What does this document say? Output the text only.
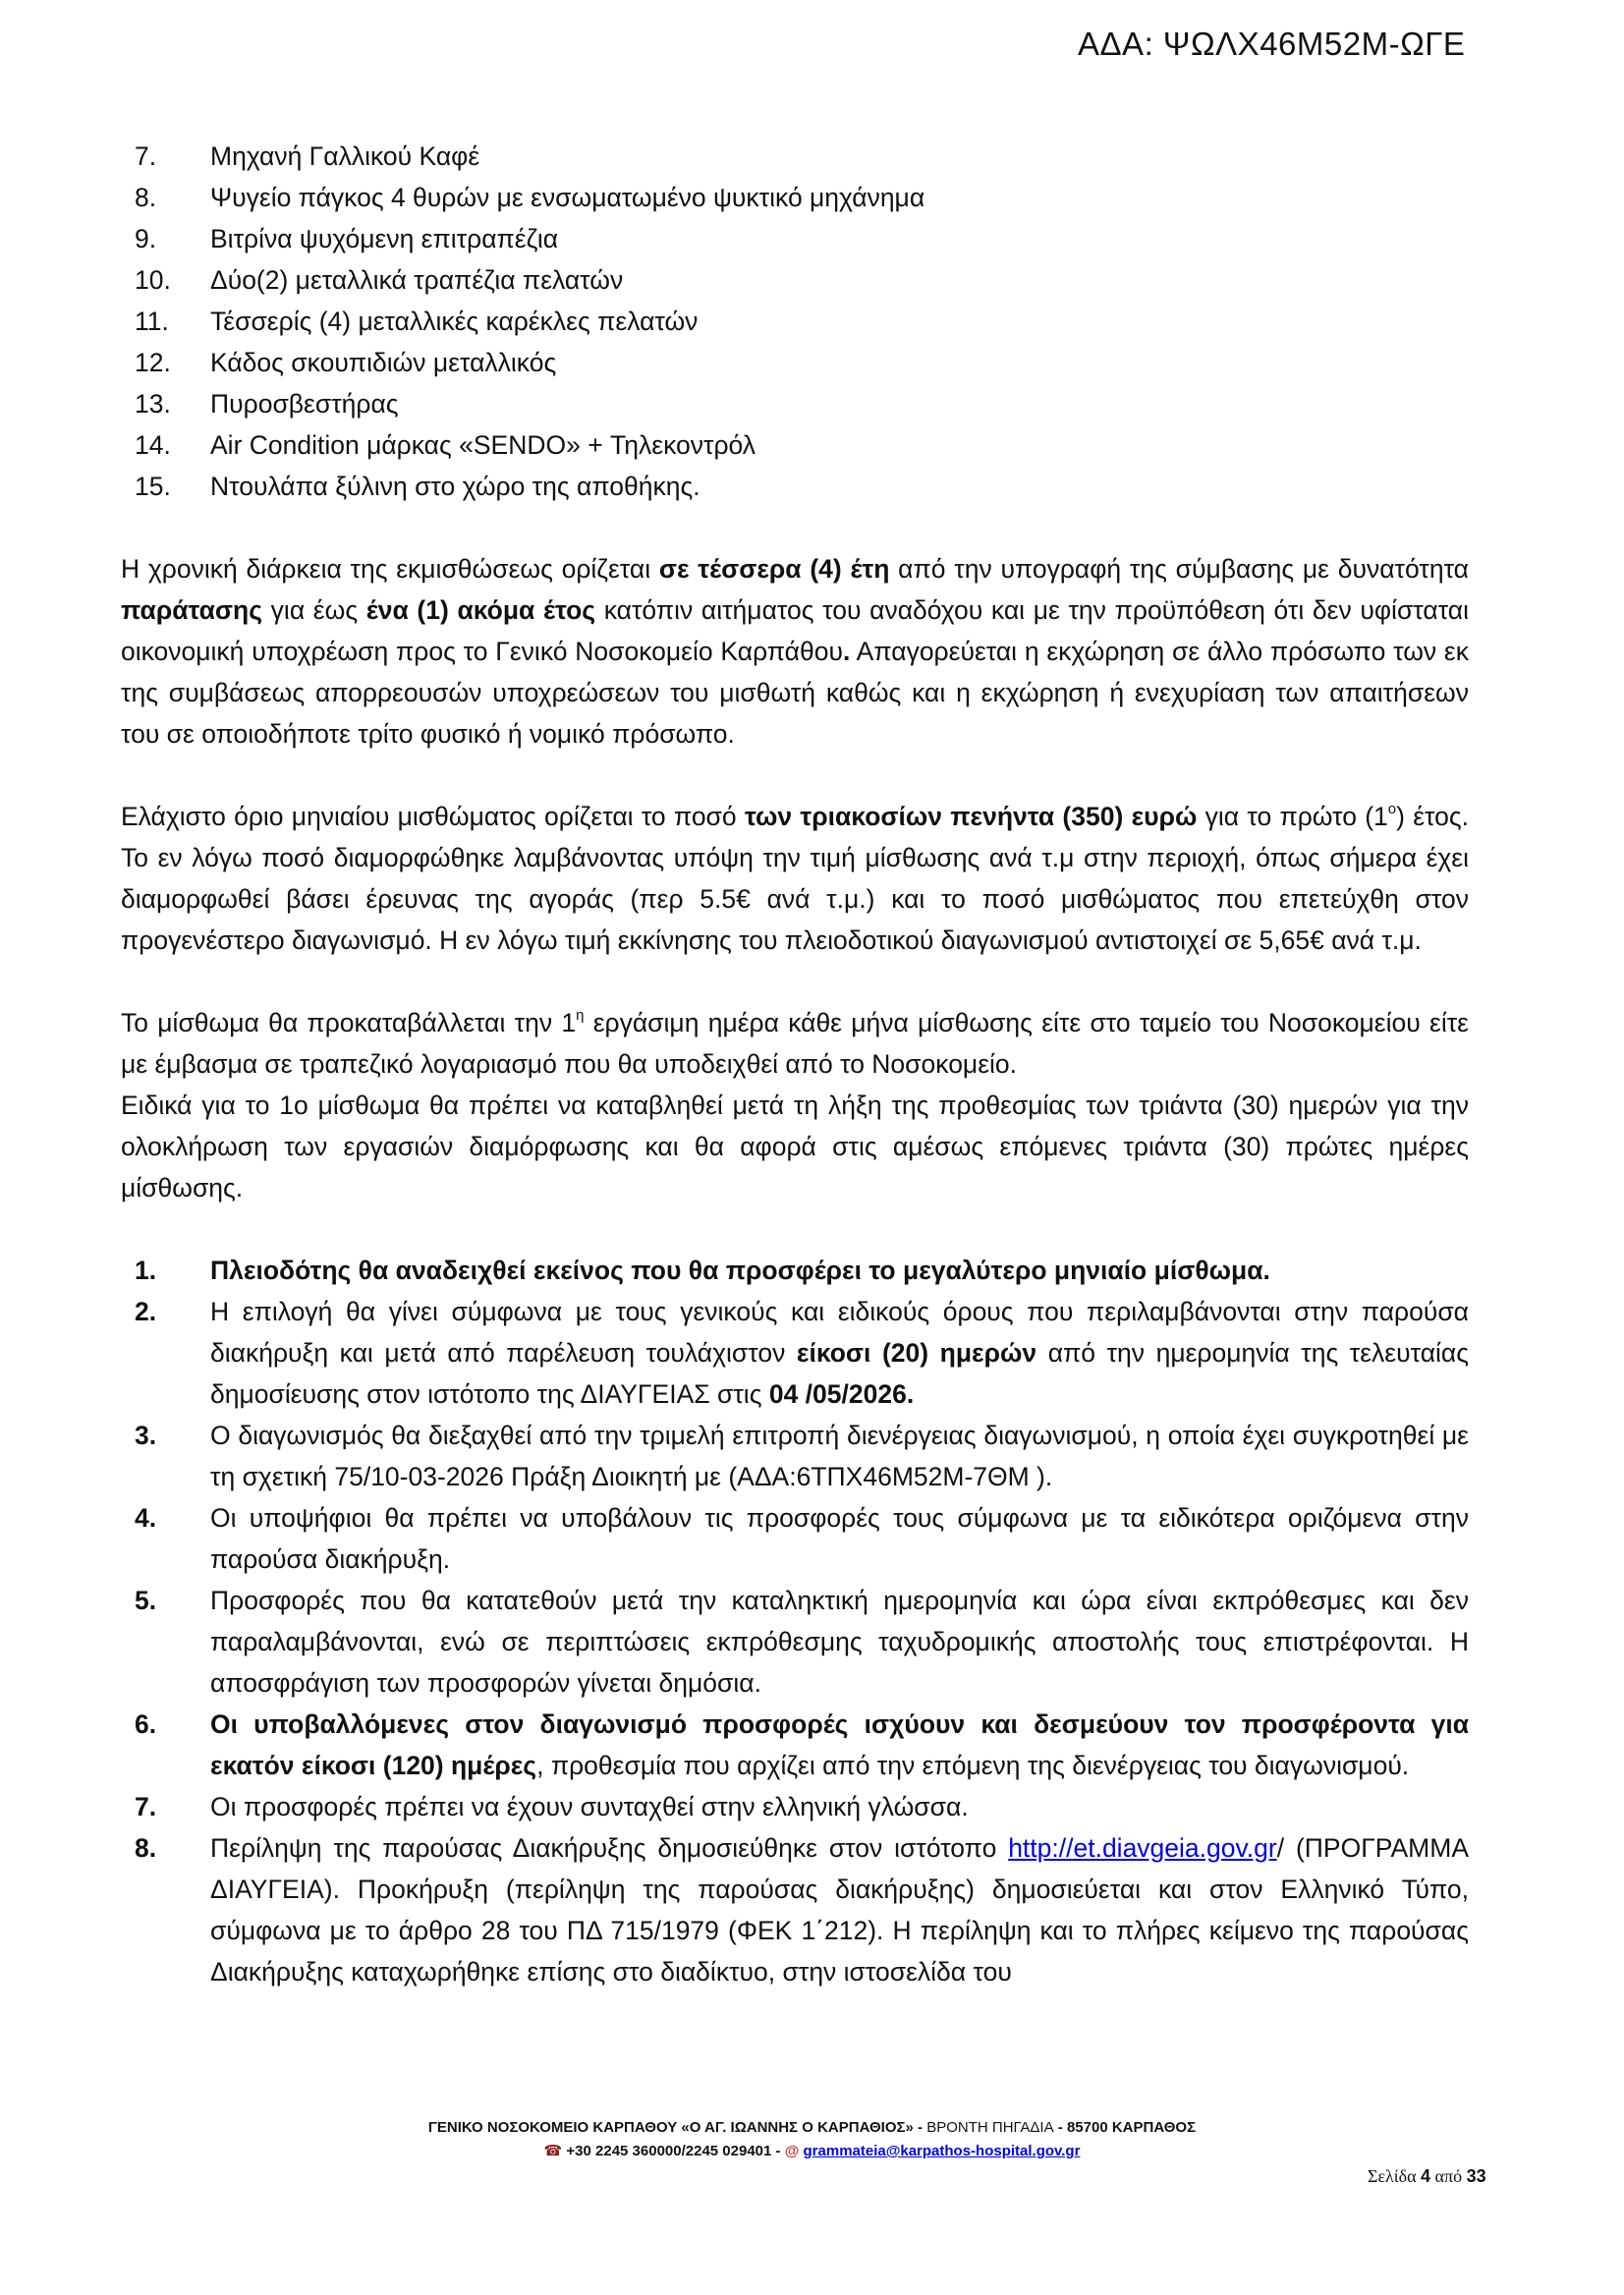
ΑΔΑ: ΨΩΛΧ46Μ52Μ-ΩΓΕ
7. Μηχανή Γαλλικού Καφέ
8. Ψυγείο πάγκος 4 θυρών με ενσωματωμένο ψυκτικό μηχάνημα
9. Βιτρίνα ψυχόμενη επιτραπέζια
10. Δύο(2) μεταλλικά τραπέζια πελατών
11. Τέσσερίς (4) μεταλλικές καρέκλες πελατών
12. Κάδος σκουπιδιών μεταλλικός
13. Πυροσβεστήρας
14. Air Condition μάρκας «SENDO» + Τηλεκοντρόλ
15. Ντουλάπα ξύλινη στο χώρο της αποθήκης.

Η χρονική διάρκεια της εκμισθώσεως ορίζεται σε τέσσερα (4) έτη από την υπογραφή της σύμβασης με δυνατότητα παράτασης για έως ένα (1) ακόμα έτος κατόπιν αιτήματος του αναδόχου και με την προϋπόθεση ότι δεν υφίσταται οικονομική υποχρέωση προς το Γενικό Νοσοκομείο Καρπάθου. Απαγορεύεται η εκχώρηση σε άλλο πρόσωπο των εκ της συμβάσεως απορρεουσών υποχρεώσεων του μισθωτή καθώς και η εκχώρηση ή ενεχυρίαση των απαιτήσεων του σε οποιοδήποτε τρίτο φυσικό ή νομικό πρόσωπο.

Ελάχιστο όριο μηνιαίου μισθώματος ορίζεται το ποσό των τριακοσίων πενήντα (350) ευρώ για το πρώτο $(1^o)$ έτος. Το εν λόγω ποσό διαμορφώθηκε λαμβάνοντας υπόψη την τιμή μίσθωσης ανά τ.μ στην περιοχή, όπως σήμερα έχει διαμορφωθεί βάσει έρευνας της αγοράς (περ 5.5€ ανά τ.μ.) και το ποσό μισθώματος που επετεύχθη στον προγενέστερο διαγωνισμό. Η εν λόγω τιμή εκκίνησης του πλειοδοτικού διαγωνισμού αντιστοιχεί σε 5,65€ ανά τ.μ.

Το μίσθωμα θα προκαταβάλλεται την $1^\eta$ εργάσιμη ημέρα κάθε μήνα μίσθωσης είτε στο ταμείο του Νοσοκομείου είτε με έμβασμα σε τραπεζικό λογαριασμό που θα υποδειχθεί από το Νοσοκομείο.

Ειδικά για το 1ο μίσθωμα θα πρέπει να καταβληθεί μετά τη λήξη της προθεσμίας των τριάντα (30) ημερών για την ολοκλήρωση των εργασιών διαμόρφωσης και θα αφορά στις αμέσως επόμενες τριάντα (30) πρώτες ημέρες μίσθωσης.

1. Πλειοδότης θα αναδειχθεί εκείνος που θα προσφέρει το μεγαλύτερο μηνιαίο μίσθωμα.
2. Η επιλογή θα γίνει σύμφωνα με τους γενικούς και ειδικούς όρους που περιλαμβάνονται στην παρούσα διακήρυξη και μετά από παρέλευση τουλάχιστον είκοσι (20) ημερών από την ημερομηνία της τελευταίας δημοσίευσης στον ιστότοπο της ΔΙΑΥΓΕΙΑΣ στις 04 /05/2026.
3. Ο διαγωνισμός θα διεξαχθεί από την τριμελή επιτροπή διενέργειας διαγωνισμού, η οποία έχει συγκροτηθεί με τη σχετική 75/10-03-2026 Πράξη Διοικητή με (ΑΔΑ:6ΤΠΧ46Μ52Μ-7ΘΜ ).
4. Οι υποψήφιοι θα πρέπει να υποβάλουν τις προσφορές τους σύμφωνα με τα ειδικότερα οριζόμενα στην παρούσα διακήρυξη.
5. Προσφορές που θα κατατεθούν μετά την καταληκτική ημερομηνία και ώρα είναι εκπρόθεσμες και δεν παραλαμβάνονται, ενώ σε περιπτώσεις εκπρόθεσμης ταχυδρομικής αποστολής τους επιστρέφονται. Η αποσφράγιση των προσφορών γίνεται δημόσια.
6. Οι υποβαλλόμενες στον διαγωνισμό προσφορές ισχύουν και δεσμεύουν τον προσφέροντα για εκατόν είκοσι (120) ημέρες, προθεσμία που αρχίζει από την επόμενη της διενέργειας του διαγωνισμού.
7. Οι προσφορές πρέπει να έχουν συνταχθεί στην ελληνική γλώσσα.
8. Περίληψη της παρούσας Διακήρυξης δημοσιεύθηκε στον ιστότοπο http://et.diavgeia.gov.gr/ (ΠΡΟΓΡΑΜΜΑ ΔΙΑΥΓΕΙΑ). Προκήρυξη (περίληψη της παρούσας διακήρυξης) δημοσιεύεται και στον Ελληνικό Τύπο, σύμφωνα με το άρθρο 28 του ΠΔ 715/1979 (ΦΕΚ 1΄212). Η περίληψη και το πλήρες κείμενο της παρούσας Διακήρυξης καταχωρήθηκε επίσης στο διαδίκτυο, στην ιστοσελίδα του
ΓΕΝΙΚΟ ΝΟΣΟΚΟΜΕΙΟ ΚΑΡΠΑΘΟΥ «Ο ΑΓ. ΙΩΑΝΝΗΣ Ο ΚΑΡΠΑΘΙΟΣ» - ΒΡΟΝΤΗ ΠΗΓΑΔΙΑ - 85700 ΚΑΡΠΑΘΟΣ
☎ +30 2245 360000/2245 029401 - @ grammateia@karpathos-hospital.gov.gr
Σελίδα 4 από 33
